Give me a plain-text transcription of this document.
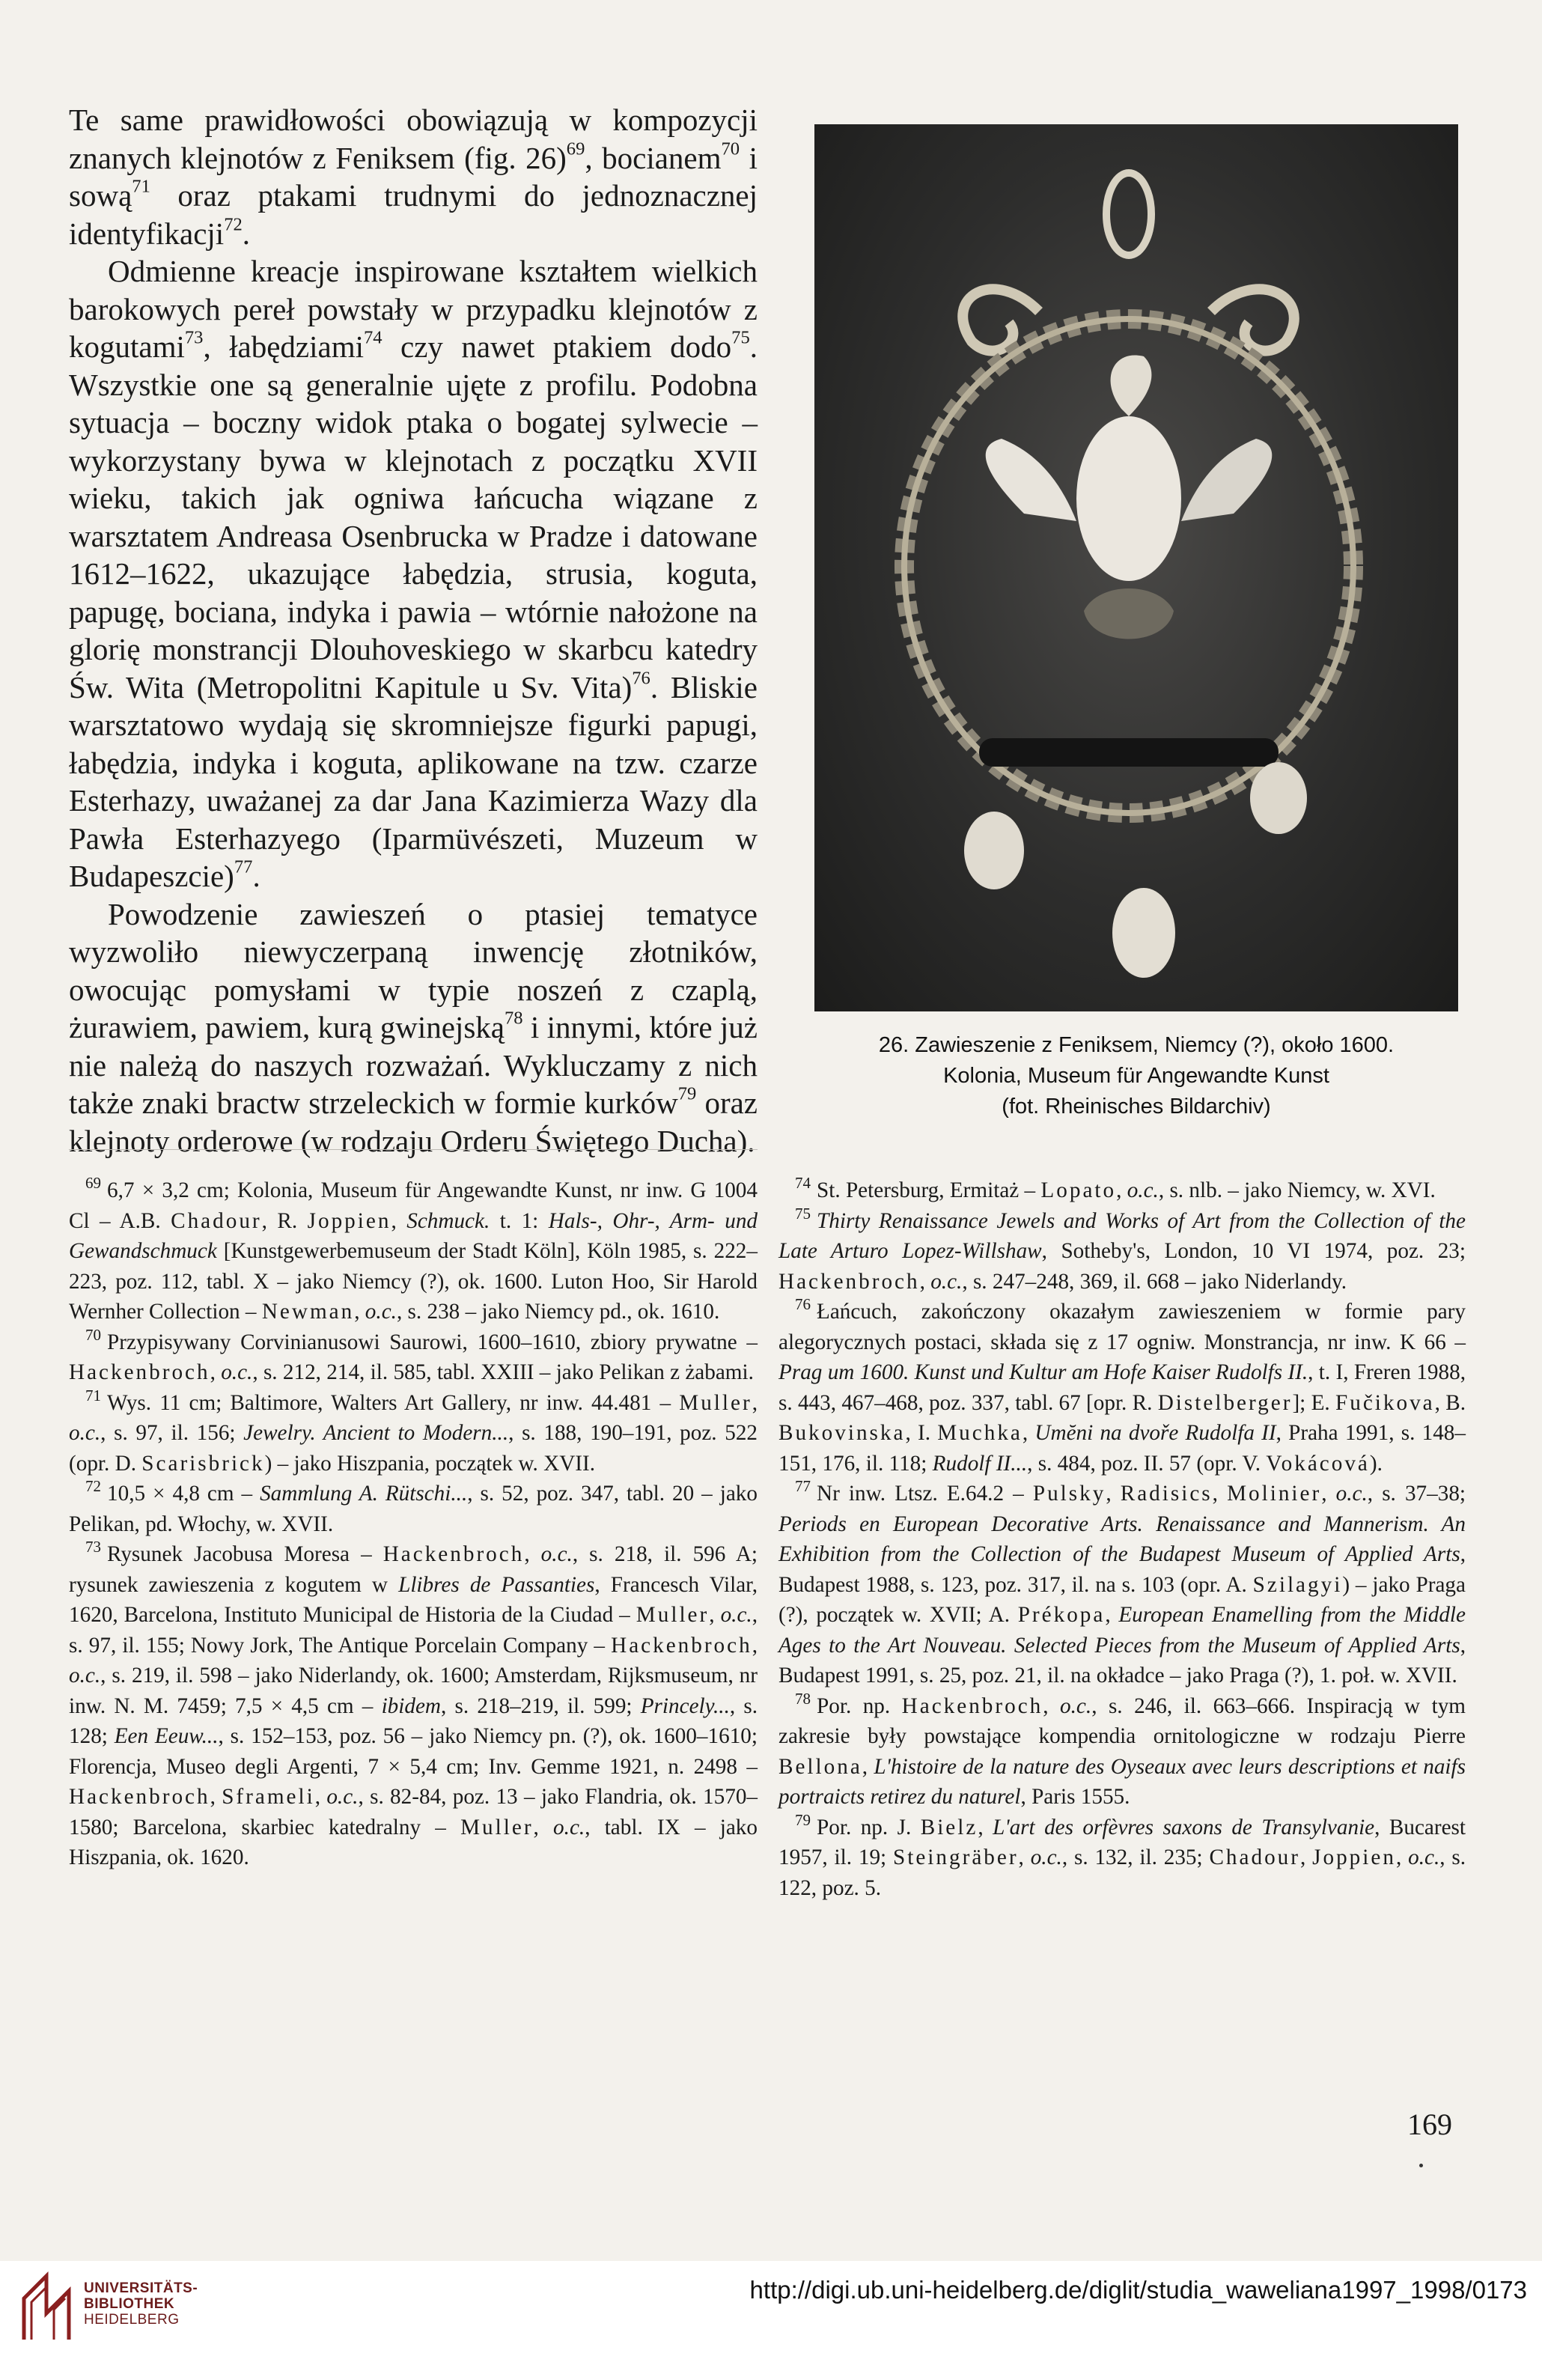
Te same prawidłowości obowiązują w kompozycji znanych klejnotów z Feniksem (fig. 26)$^{69}$, bocianem$^{70}$ i sową$^{71}$ oraz ptakami trudnymi do jednoznacznej identyfikacji$^{72}$.

Odmienne kreacje inspirowane kształtem wielkich barokowych pereł powstały w przypadku klejnotów z kogutami$^{73}$, łabędziami$^{74}$ czy nawet ptakiem dodo$^{75}$. Wszystkie one są generalnie ujęte z profilu. Podobna sytuacja – boczny widok ptaka o bogatej sylwecie – wykorzystany bywa w klejnotach z początku XVII wieku, takich jak ogniwa łańcucha wiązane z warsztatem Andreasa Osenbrucka w Pradze i datowane 1612–1622, ukazujące łabędzia, strusia, koguta, papugę, bociana, indyka i pawia – wtórnie nałożone na glorię monstrancji Dlouhoveskiego w skarbcu katedry Św. Wita (Metropolitni Kapitule u Sv. Vita)$^{76}$. Bliskie warsztatowo wydają się skromniejsze figurki papugi, łabędzia, indyka i koguta, aplikowane na tzw. czarze Esterhazy, uważanej za dar Jana Kazimierza Wazy dla Pawła Esterhazyego (Iparmüvészeti, Muzeum w Budapeszcie)$^{77}$.

Powodzenie zawieszeń o ptasiej tematyce wyzwoliło niewyczerpaną inwencję złotników, owocując pomysłami w typie noszeń z czaplą, żurawiem, pawiem, kurą gwinejską$^{78}$ i innymi, które już nie należą do naszych rozważań. Wykluczamy z nich także znaki bractw strzeleckich w formie kurków$^{79}$ oraz klejnoty orderowe (w rodzaju Orderu Świętego Ducha).

26. Zawieszenie z Feniksem, Niemcy (?), około 1600.
Kolonia, Museum für Angewandte Kunst
(fot. Rheinisches Bildarchiv)

$^{69}$ 6,7 × 3,2 cm; Kolonia, Museum für Angewandte Kunst, nr inw. G 1004 Cl – A.B. Chadour, R. Joppien, Schmuck. t. 1: Hals-, Ohr-, Arm- und Gewandschmuck [Kunstgewerbemuseum der Stadt Köln], Köln 1985, s. 222–223, poz. 112, tabl. X – jako Niemcy (?), ok. 1600. Luton Hoo, Sir Harold Wernher Collection – Newman, o.c., s. 238 – jako Niemcy pd., ok. 1610.

$^{70}$ Przypisywany Corvinianusowi Saurowi, 1600–1610, zbiory prywatne – Hackenbroch, o.c., s. 212, 214, il. 585, tabl. XXIII – jako Pelikan z żabami.

$^{71}$ Wys. 11 cm; Baltimore, Walters Art Gallery, nr inw. 44.481 – Muller, o.c., s. 97, il. 156; Jewelry. Ancient to Modern..., s. 188, 190–191, poz. 522 (opr. D. Scarisbrick) – jako Hiszpania, początek w. XVII.

$^{72}$ 10,5 × 4,8 cm – Sammlung A. Rütschi..., s. 52, poz. 347, tabl. 20 – jako Pelikan, pd. Włochy, w. XVII.

$^{73}$ Rysunek Jacobusa Moresa – Hackenbroch, o.c., s. 218, il. 596 A; rysunek zawieszenia z kogutem w Llibres de Passanties, Francesch Vilar, 1620, Barcelona, Instituto Municipal de Historia de la Ciudad – Muller, o.c., s. 97, il. 155; Nowy Jork, The Antique Porcelain Company – Hackenbroch, o.c., s. 219, il. 598 – jako Niderlandy, ok. 1600; Amsterdam, Rijksmuseum, nr inw. N. M. 7459; 7,5 × 4,5 cm – ibidem, s. 218–219, il. 599; Princely..., s. 128; Een Eeuw..., s. 152–153, poz. 56 – jako Niemcy pn. (?), ok. 1600–1610; Florencja, Museo degli Argenti, 7 × 5,4 cm; Inv. Gemme 1921, n. 2498 – Hackenbroch, Sframeli, o.c., s. 82-84, poz. 13 – jako Flandria, ok. 1570–1580; Barcelona, skarbiec katedralny – Muller, o.c., tabl. IX – jako Hiszpania, ok. 1620.

$^{74}$ St. Petersburg, Ermitaż – Lopato, o.c., s. nlb. – jako Niemcy, w. XVI.

$^{75}$ Thirty Renaissance Jewels and Works of Art from the Collection of the Late Arturo Lopez-Willshaw, Sotheby's, London, 10 VI 1974, poz. 23; Hackenbroch, o.c., s. 247–248, 369, il. 668 – jako Niderlandy.

$^{76}$ Łańcuch, zakończony okazałym zawieszeniem w formie pary alegorycznych postaci, składa się z 17 ogniw. Monstrancja, nr inw. K 66 – Prag um 1600. Kunst und Kultur am Hofe Kaiser Rudolfs II., t. I, Freren 1988, s. 443, 467–468, poz. 337, tabl. 67 [opr. R. Distelberger]; E. Fučikova, B. Bukovinska, I. Muchka, Umĕni na dvoře Rudolfa II, Praha 1991, s. 148–151, 176, il. 118; Rudolf II..., s. 484, poz. II. 57 (opr. V. Vokácová).

$^{77}$ Nr inw. Ltsz. E.64.2 – Pulsky, Radisics, Molinier, o.c., s. 37–38; Periods en European Decorative Arts. Renaissance and Mannerism. An Exhibition from the Collection of the Budapest Museum of Applied Arts, Budapest 1988, s. 123, poz. 317, il. na s. 103 (opr. A. Szilagyi) – jako Praga (?), początek w. XVII; A. Prékopa, European Enamelling from the Middle Ages to the Art Nouveau. Selected Pieces from the Museum of Applied Arts, Budapest 1991, s. 25, poz. 21, il. na okładce – jako Praga (?), 1. poł. w. XVII.

$^{78}$ Por. np. Hackenbroch, o.c., s. 246, il. 663–666. Inspiracją w tym zakresie były powstające kompendia ornitologiczne w rodzaju Pierre Bellona, L'histoire de la nature des Oyseaux avec leurs descriptions et naifs portraicts retirez du naturel, Paris 1555.

$^{79}$ Por. np. J. Bielz, L'art des orfèvres saxons de Transylvanie, Bucarest 1957, il. 19; Steingräber, o.c., s. 132, il. 235; Chadour, Joppien, o.c., s. 122, poz. 5.

169
UNIVERSITÄTS-
BIBLIOTHEK
HEIDELBERG
http://digi.ub.uni-heidelberg.de/diglit/studia_waweliana1997_1998/0173
